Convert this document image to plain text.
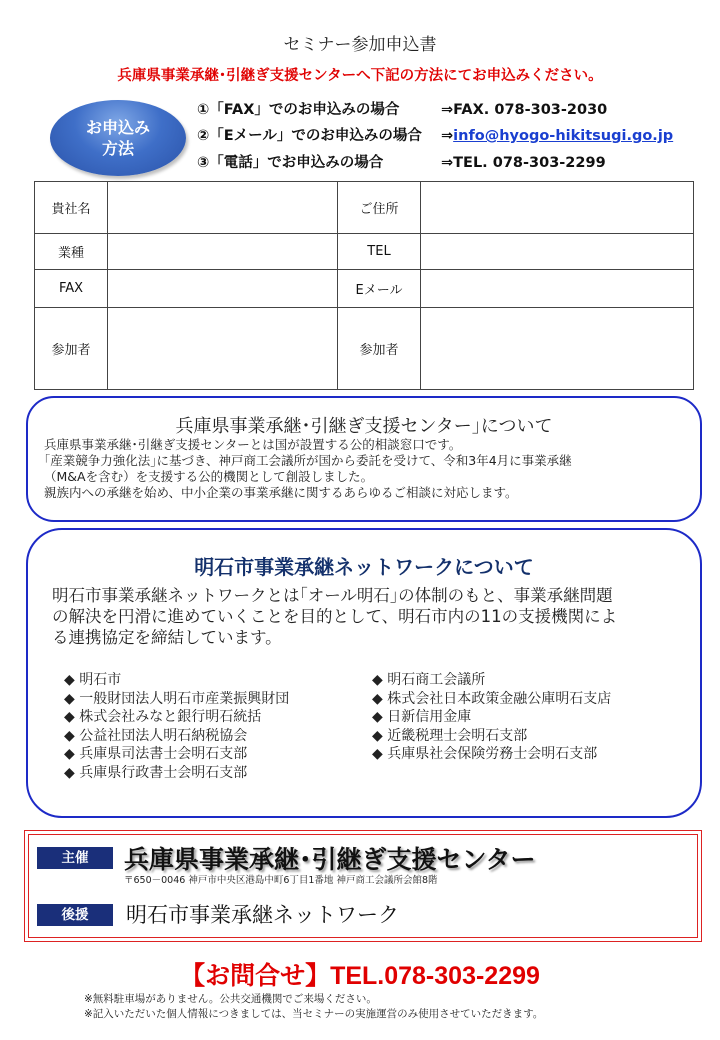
セミナー参加申込書
兵庫県事業承継･引継ぎ支援センターへ下記の方法にてお申込みください。
お申込み
方法
①「FAX」でのお申込みの場合	⇒FAX. 078-303-2030
②「Eメール」でのお申込みの場合 ⇒info@hyogo-hikitsugi.go.jp
③「電話」でお申込みの場合	⇒TEL. 078-303-2299
貴社名		ご住所	
業種		TEL	
FAX		Eメール	
参加者		参加者	
兵庫県事業承継･引継ぎ支援センター｣について
兵庫県事業承継･引継ぎ支援センターとは国が設置する公的相談窓口です。
｢産業競争力強化法｣に基づき、神戸商工会議所が国から委託を受けて、令和3年4月に事業承継
（M&Aを含む）を支援する公的機関として創設しました。
親族内への承継を始め、中小企業の事業承継に関するあらゆるご相談に対応します。
明石市事業承継ネットワークについて
明石市事業承継ネットワークとは｢オール明石｣の体制のもと、事業承継問題
の解決を円滑に進めていくことを目的として、明石市内の11の支援機関によ
る連携協定を締結しています。
◆ 明石市
◆ 一般財団法人明石市産業振興財団
◆ 株式会社みなと銀行明石統括
◆ 公益社団法人明石納税協会
◆ 兵庫県司法書士会明石支部
◆ 兵庫県行政書士会明石支部
◆ 明石商工会議所
◆ 株式会社日本政策金融公庫明石支店
◆ 日新信用金庫
◆ 近畿税理士会明石支部
◆ 兵庫県社会保険労務士会明石支部
主催	兵庫県事業承継･引継ぎ支援センター
〒650－0046 神戸市中央区港島中町6丁目1番地 神戸商工会議所会館8階
後援	明石市事業承継ネットワーク
【お問合せ】TEL.078-303-2299
※無料駐車場がありません。公共交通機関でご来場ください。
※記入いただいた個人情報につきましては、当セミナーの実施運営のみ使用させていただきます。
